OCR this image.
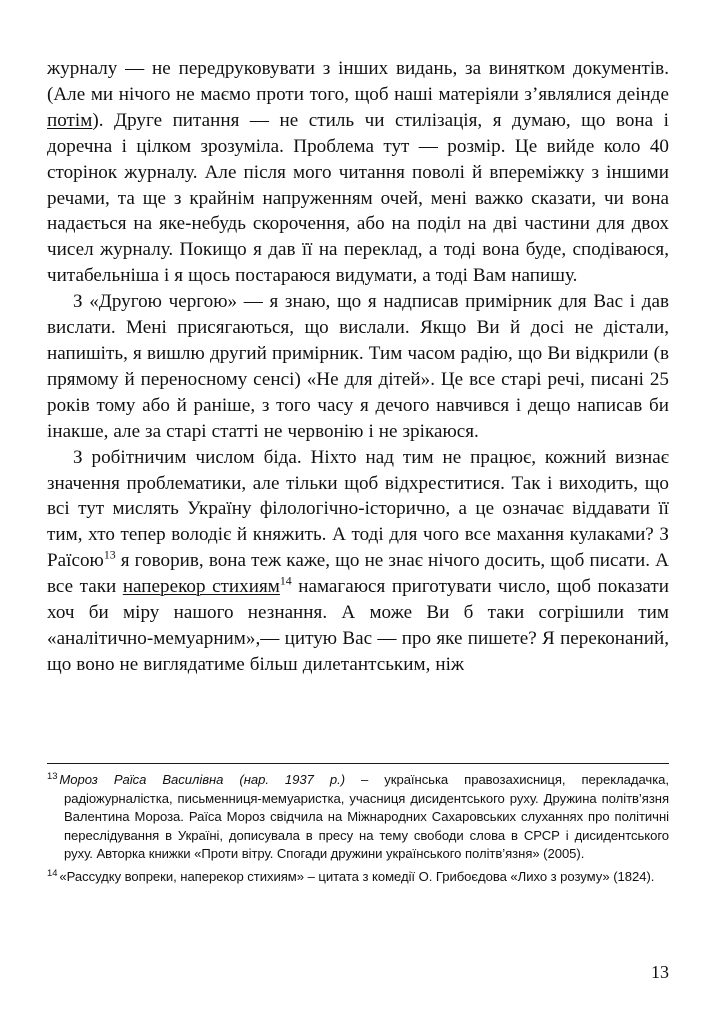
журналу — не передруковувати з інших видань, за винятком документів. (Але ми нічого не маємо проти того, щоб наші матеріяли з’являлися деінде потім). Друге питання — не стиль чи стилізація, я думаю, що вона і доречна і цілком зрозуміла. Проблема тут — розмір. Це вийде коло 40 сторінок журналу. Але після мого читання поволі й впереміжку з іншими речами, та ще з крайнім напруженням очей, мені важко сказати, чи вона надається на яке-небудь скорочення, або на поділ на дві частини для двох чисел журналу. Покищо я дав її на переклад, а тоді вона буде, сподіваюся, читабельніша і я щось постараюся видумати, а тоді Вам напишу.

З «Другою чергою» — я знаю, що я надписав примірник для Вас і дав вислати. Мені присягаються, що вислали. Якщо Ви й досі не дістали, напишіть, я вишлю другий примірник. Тим часом радію, що Ви відкрили (в прямому й переносному сенсі) «Не для дітей». Це все старі речі, писані 25 років тому або й раніше, з того часу я дечого навчився і дещо написав би інакше, але за старі статті не червонію і не зрікаюся.

З робітничим числом біда. Ніхто над тим не працює, кожний визнає значення проблематики, але тільки щоб відхреститися. Так і виходить, що всі тут мислять Україну філологічно-історично, а це означає віддавати її тим, хто тепер володіє й княжить. А тоді для чого все махання кулаками? З Раїсою$^{13}$ я говорив, вона теж каже, що не знає нічого досить, щоб писати. А все таки наперекор стихиям$^{14}$ намагаюся приготувати число, щоб показати хоч би міру нашого незнання. А може Ви б таки согрішили тим «аналітично-мемуарним»,— цитую Вас — про яке пишете? Я переконаний, що воно не виглядатиме більш дилетантським, ніж

$^{13}$ Мороз Раїса Василівна (нар. 1937 р.) – українська правозахисниця, перекладачка, радіожурналістка, письменниця-мемуаристка, учасниця дисидентського руху. Дружина політв’язня Валентина Мороза. Раїса Мороз свідчила на Міжнародних Сахаровських слуханнях про політичні переслідування в Україні, дописувала в пресу на тему свободи слова в СРСР і дисидентського руху. Авторка книжки «Проти вітру. Спогади дружини українського політв’язня» (2005).

$^{14}$ «Рассудку вопреки, наперекор стихиям» – цитата з комедії О. Грибоєдова «Лихо з розуму» (1824).

13
